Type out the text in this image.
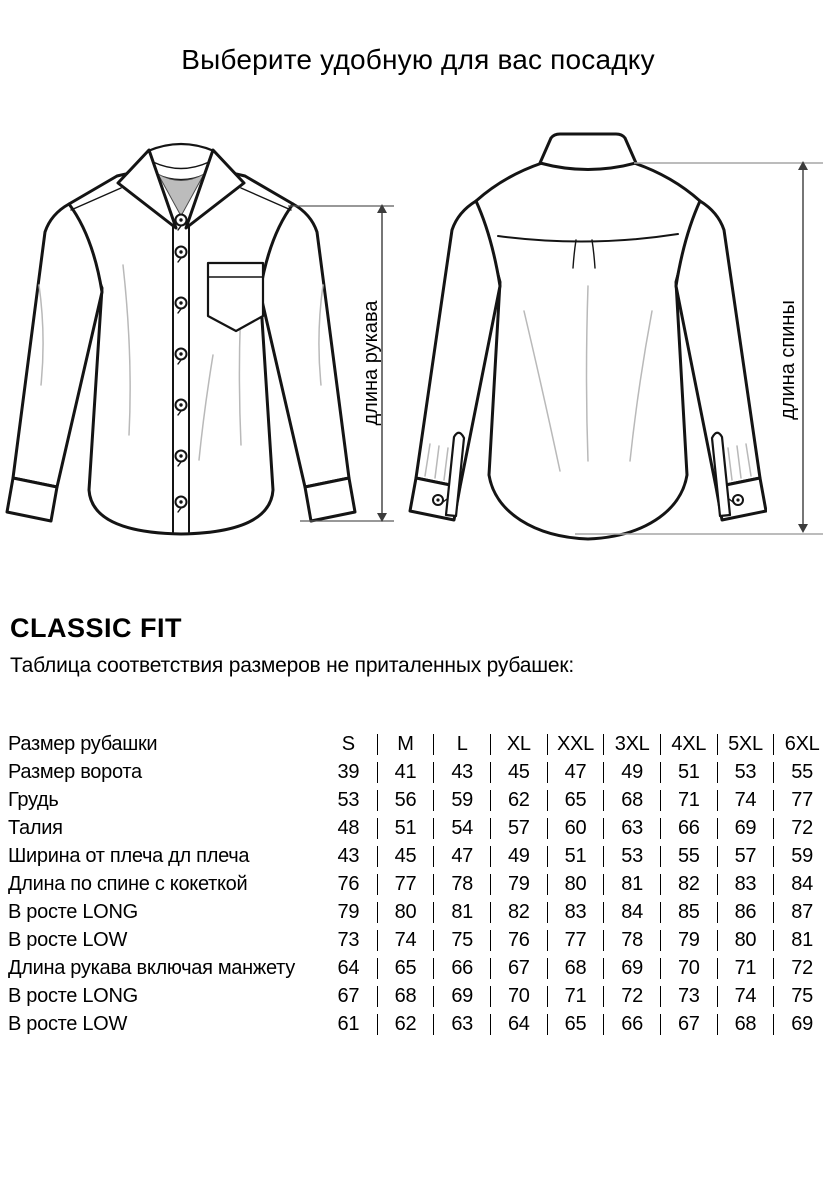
Выберите удобную для вас посадку
длина рукава	длина спины
CLASSIC FIT

Таблица соответствия размеров не приталенных рубашек:

Размер рубашки	S	M	L	XL	XXL	3XL	4XL	5XL	6XL
Размер ворота	39	41	43	45	47	49	51	53	55
Грудь	53	56	59	62	65	68	71	74	77
Талия	48	51	54	57	60	63	66	69	72
Ширина от плеча дл плеча	43	45	47	49	51	53	55	57	59
Длина по спине с кокеткой	76	77	78	79	80	81	82	83	84
В росте LONG	79	80	81	82	83	84	85	86	87
В росте LOW	73	74	75	76	77	78	79	80	81
Длина рукава включая манжету	64	65	66	67	68	69	70	71	72
В росте LONG	67	68	69	70	71	72	73	74	75
В росте LOW	61	62	63	64	65	66	67	68	69
